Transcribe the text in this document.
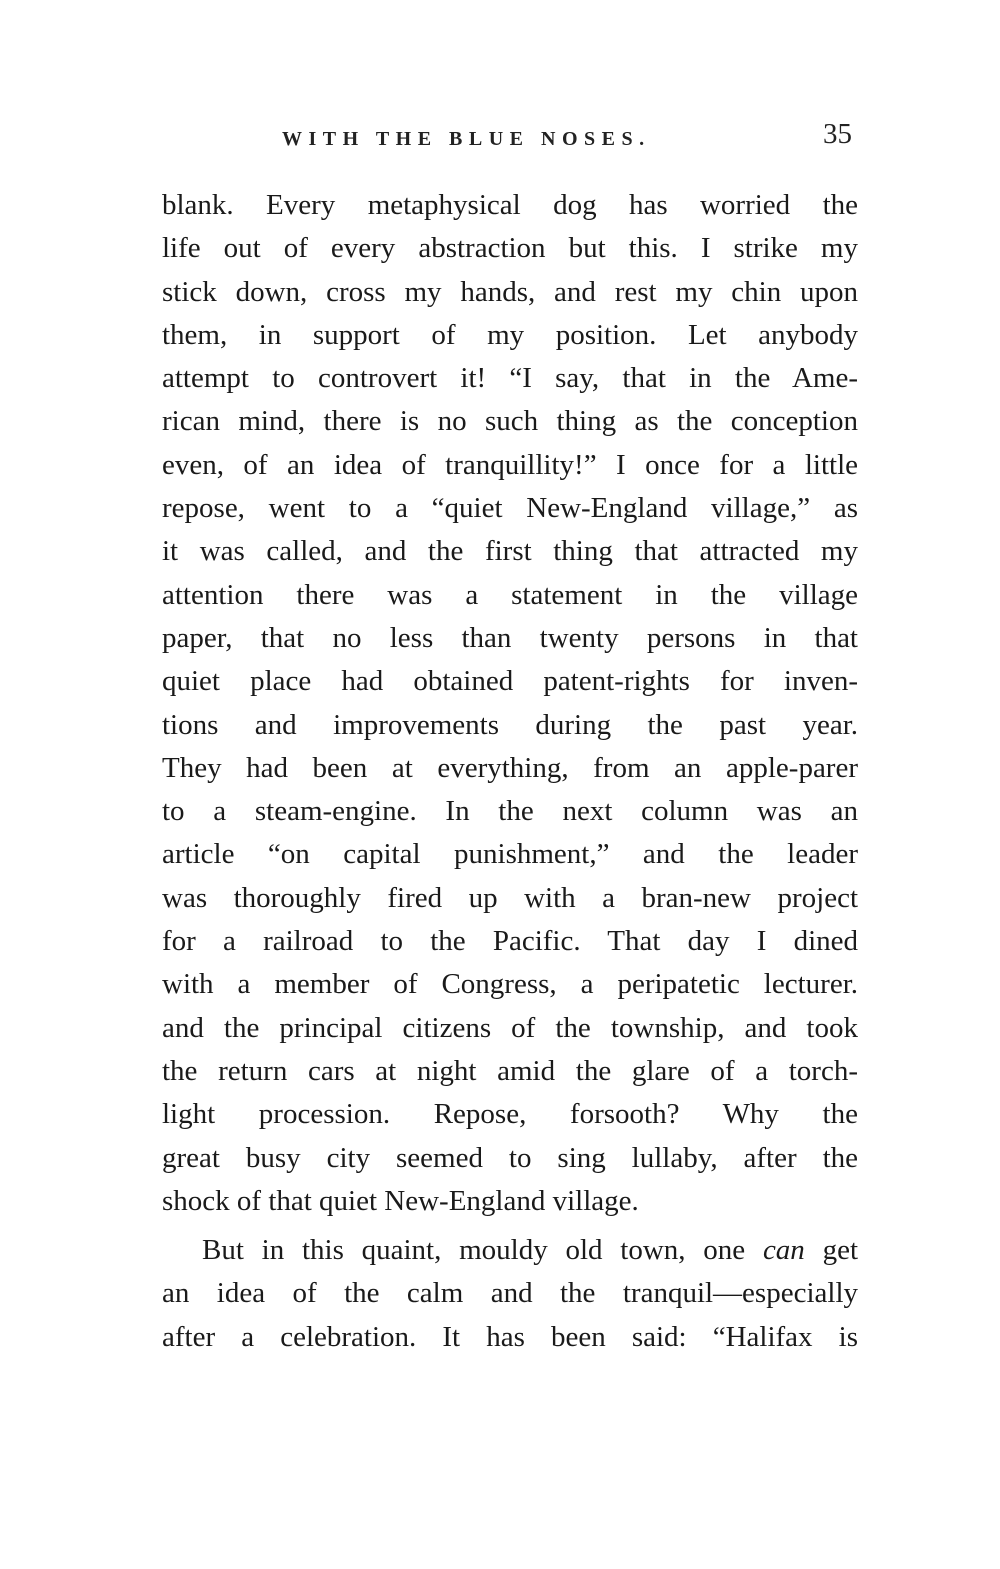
WITH THE BLUE NOSES.	35
blank. Every metaphysical dog has worried the
life out of every abstraction but this. I strike my
stick down, cross my hands, and rest my chin upon
them, in support of my position. Let anybody
attempt to controvert it! “I say, that in the Ame-
rican mind, there is no such thing as the conception
even, of an idea of tranquillity!” I once for a little
repose, went to a “quiet New-England village,” as
it was called, and the first thing that attracted my
attention there was a statement in the village
paper, that no less than twenty persons in that
quiet place had obtained patent-rights for inven-
tions and improvements during the past year.
They had been at everything, from an apple-parer
to a steam-engine. In the next column was an
article “on capital punishment,” and the leader
was thoroughly fired up with a bran-new project
for a railroad to the Pacific. That day I dined
with a member of Congress, a peripatetic lecturer.
and the principal citizens of the township, and took
the return cars at night amid the glare of a torch-
light procession. Repose, forsooth? Why the
great busy city seemed to sing lullaby, after the
shock of that quiet New-England village.
But in this quaint, mouldy old town, one can get
an idea of the calm and the tranquil—especially
after a celebration. It has been said: “Halifax is
